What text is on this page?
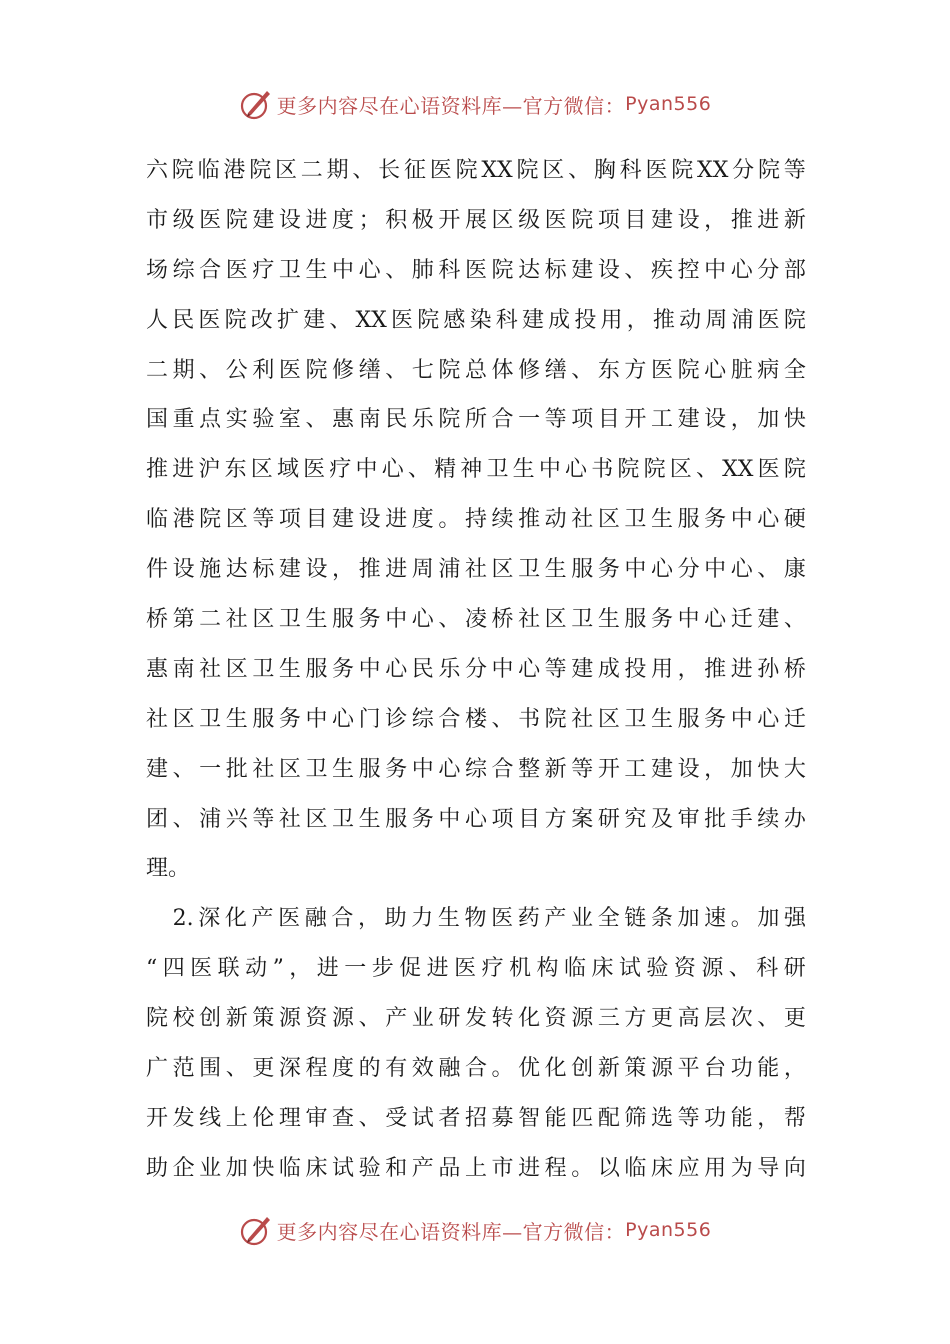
更多内容尽在心语资料库—官方微信： Pyan556
六 院 临 港 院 区 二 期 、 长 征 医 院 XX 院 区 、 胸 科 医 院 XX 分 院 等
市 级 医 院 建 设 进 度 ； 积 极 开 展 区 级 医 院 项 目 建 设 ， 推 进 新
场 综 合 医 疗 卫 生 中 心 、 肺 科 医 院 达 标 建 设 、 疾 控 中 心 分 部
人 民 医 院 改 扩 建 、 XX 医 院 感 染 科 建 成 投 用 ， 推 动 周 浦 医 院
二 期 、 公 利 医 院 修 缮 、 七 院 总 体 修 缮 、 东 方 医 院 心 脏 病 全
国 重 点 实 验 室 、 惠 南 民 乐 院 所 合 一 等 项 目 开 工 建 设 ， 加 快
推 进 沪 东 区 域 医 疗 中 心 、 精 神 卫 生 中 心 书 院 院 区 、 XX 医 院
临 港 院 区 等 项 目 建 设 进 度 。 持 续 推 动 社 区 卫 生 服 务 中 心 硬
件 设 施 达 标 建 设 ， 推 进 周 浦 社 区 卫 生 服 务 中 心 分 中 心 、 康
桥 第 二 社 区 卫 生 服 务 中 心 、 凌 桥 社 区 卫 生 服 务 中 心 迁 建 、
惠 南 社 区 卫 生 服 务 中 心 民 乐 分 中 心 等 建 成 投 用 ， 推 进 孙 桥
社 区 卫 生 服 务 中 心 门 诊 综 合 楼 、 书 院 社 区 卫 生 服 务 中 心 迁
建 、 一 批 社 区 卫 生 服 务 中 心 综 合 整 新 等 开 工 建 设 ， 加 快 大
团 、 浦 兴 等 社 区 卫 生 服 务 中 心 项 目 方 案 研 究 及 审 批 手 续 办
理 。

2. 深 化 产 医 融 合 ， 助 力 生 物 医 药 产 业 全 链 条 加 速 。 加 强
“ 四 医 联 动 ” ， 进 一 步 促 进 医 疗 机 构 临 床 试 验 资 源 、 科 研
院 校 创 新 策 源 资 源 、 产 业 研 发 转 化 资 源 三 方 更 高 层 次 、 更
广 范 围 、 更 深 程 度 的 有 效 融 合 。 优 化 创 新 策 源 平 台 功 能 ，
开 发 线 上 伦 理 审 查 、 受 试 者 招 募 智 能 匹 配 筛 选 等 功 能 ， 帮
助 企 业 加 快 临 床 试 验 和 产 品 上 市 进 程 。 以 临 床 应 用 为 导 向
更多内容尽在心语资料库—官方微信： Pyan556
